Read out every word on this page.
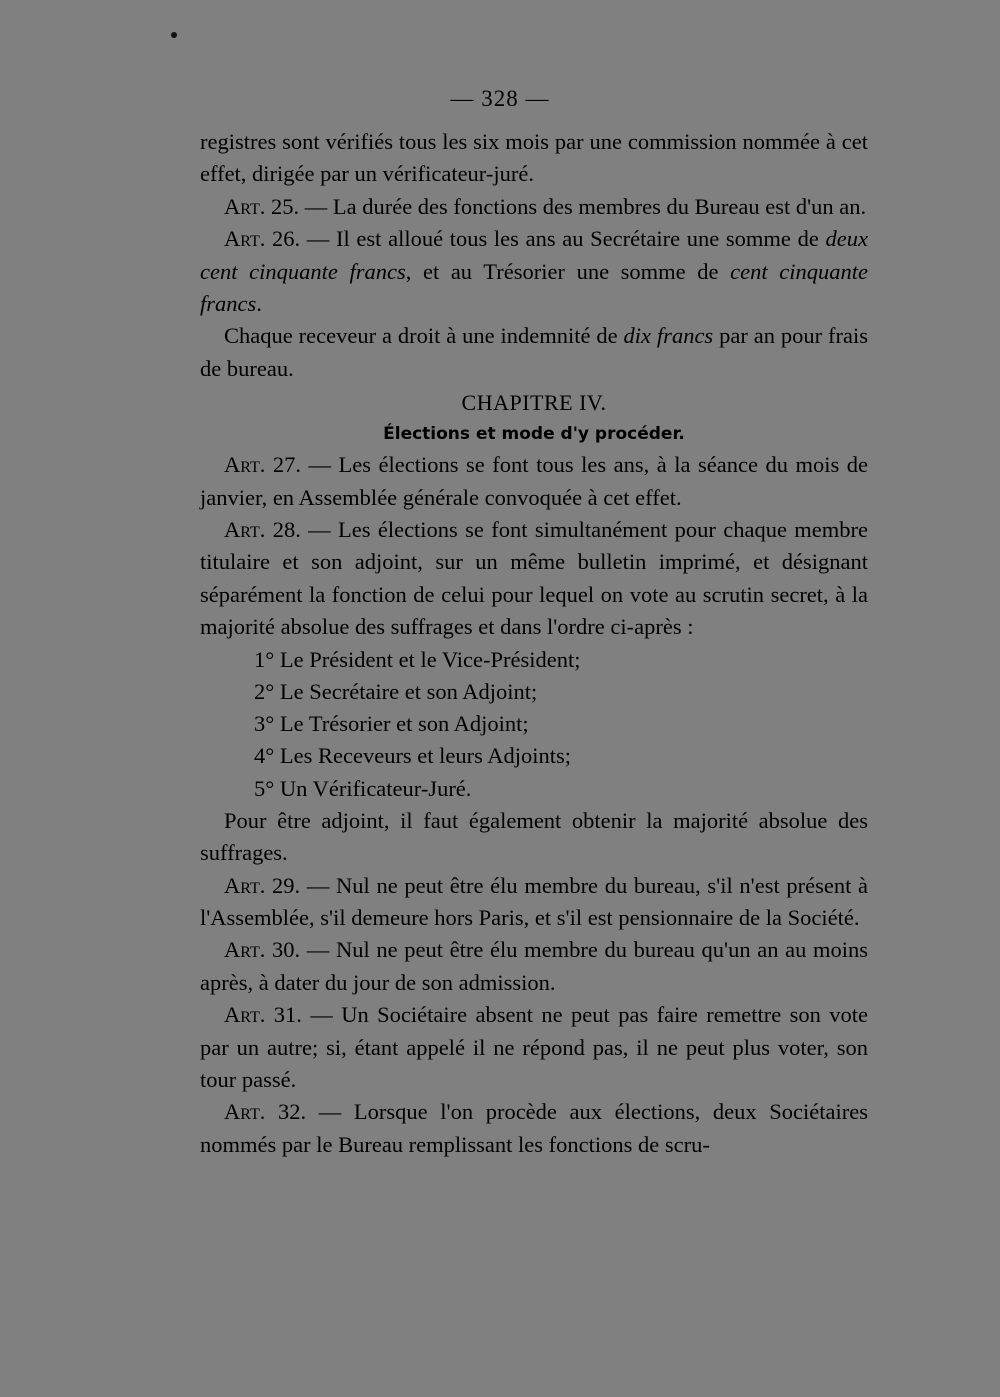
— 328 —

registres sont vérifiés tous les six mois par une commission nommée à cet effet, dirigée par un vérificateur-juré.

Art. 25. — La durée des fonctions des membres du Bureau est d'un an.

Art. 26. — Il est alloué tous les ans au Secrétaire une somme de deux cent cinquante francs, et au Trésorier une somme de cent cinquante francs.

Chaque receveur a droit à une indemnité de dix francs par an pour frais de bureau.

CHAPITRE IV.
Élections et mode d'y procéder.

Art. 27. — Les élections se font tous les ans, à la séance du mois de janvier, en Assemblée générale convoquée à cet effet.

Art. 28. — Les élections se font simultanément pour chaque membre titulaire et son adjoint, sur un même bulletin imprimé, et désignant séparément la fonction de celui pour lequel on vote au scrutin secret, à la majorité absolue des suffrages et dans l'ordre ci-après :

1° Le Président et le Vice-Président;
2° Le Secrétaire et son Adjoint;
3° Le Trésorier et son Adjoint;
4° Les Receveurs et leurs Adjoints;
5° Un Vérificateur-Juré.

Pour être adjoint, il faut également obtenir la majorité absolue des suffrages.

Art. 29. — Nul ne peut être élu membre du bureau, s'il n'est présent à l'Assemblée, s'il demeure hors Paris, et s'il est pensionnaire de la Société.

Art. 30. — Nul ne peut être élu membre du bureau qu'un an au moins après, à dater du jour de son admission.

Art. 31. — Un Sociétaire absent ne peut pas faire remettre son vote par un autre; si, étant appelé il ne répond pas, il ne peut plus voter, son tour passé.

Art. 32. — Lorsque l'on procède aux élections, deux Sociétaires nommés par le Bureau remplissant les fonctions de scru-
